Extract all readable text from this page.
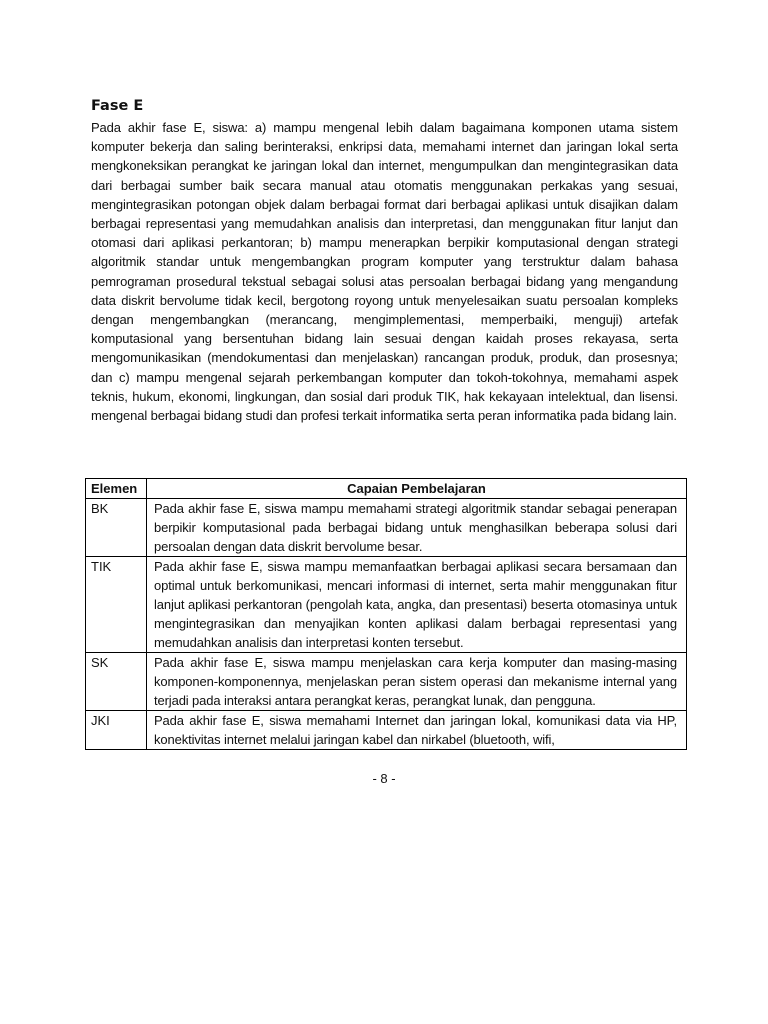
Fase E

Pada akhir fase E, siswa: a) mampu mengenal lebih dalam bagaimana komponen utama sistem komputer bekerja dan saling berinteraksi, enkripsi data, memahami internet dan jaringan lokal serta mengkoneksikan perangkat ke jaringan lokal dan internet, mengumpulkan dan mengintegrasikan data dari berbagai sumber baik secara manual atau otomatis menggunakan perkakas yang sesuai, mengintegrasikan potongan objek dalam berbagai format dari berbagai aplikasi untuk disajikan dalam berbagai representasi yang memudahkan analisis dan interpretasi, dan menggunakan fitur lanjut dan otomasi dari aplikasi perkantoran; b) mampu menerapkan berpikir komputasional dengan strategi algoritmik standar untuk mengembangkan program komputer yang terstruktur dalam bahasa pemrograman prosedural tekstual sebagai solusi atas persoalan berbagai bidang yang mengandung data diskrit bervolume tidak kecil, bergotong royong untuk menyelesaikan suatu persoalan kompleks dengan mengembangkan (merancang, mengimplementasi, memperbaiki, menguji) artefak komputasional yang bersentuhan bidang lain sesuai dengan kaidah proses rekayasa, serta mengomunikasikan (mendokumentasi dan menjelaskan) rancangan produk, produk, dan prosesnya; dan c) mampu mengenal sejarah perkembangan komputer dan tokoh-tokohnya, memahami aspek teknis, hukum, ekonomi, lingkungan, dan sosial dari produk TIK, hak kekayaan intelektual, dan lisensi. mengenal berbagai bidang studi dan profesi terkait informatika serta peran informatika pada bidang lain.

Elemen	Capaian Pembelajaran
BK	Pada akhir fase E, siswa mampu memahami strategi algoritmik standar sebagai penerapan berpikir komputasional pada berbagai bidang untuk menghasilkan beberapa solusi dari persoalan dengan data diskrit bervolume besar.
TIK	Pada akhir fase E, siswa mampu memanfaatkan berbagai aplikasi secara bersamaan dan optimal untuk berkomunikasi, mencari informasi di internet, serta mahir menggunakan fitur lanjut aplikasi perkantoran (pengolah kata, angka, dan presentasi) beserta otomasinya untuk mengintegrasikan dan menyajikan konten aplikasi dalam berbagai representasi yang memudahkan analisis dan interpretasi konten tersebut.
SK	Pada akhir fase E, siswa mampu menjelaskan cara kerja komputer dan masing-masing komponen-komponennya, menjelaskan peran sistem operasi dan mekanisme internal yang terjadi pada interaksi antara perangkat keras, perangkat lunak, dan pengguna.
JKI	Pada akhir fase E, siswa memahami Internet dan jaringan lokal, komunikasi data via HP, konektivitas internet melalui jaringan kabel dan nirkabel (bluetooth, wifi,
- 8 -
